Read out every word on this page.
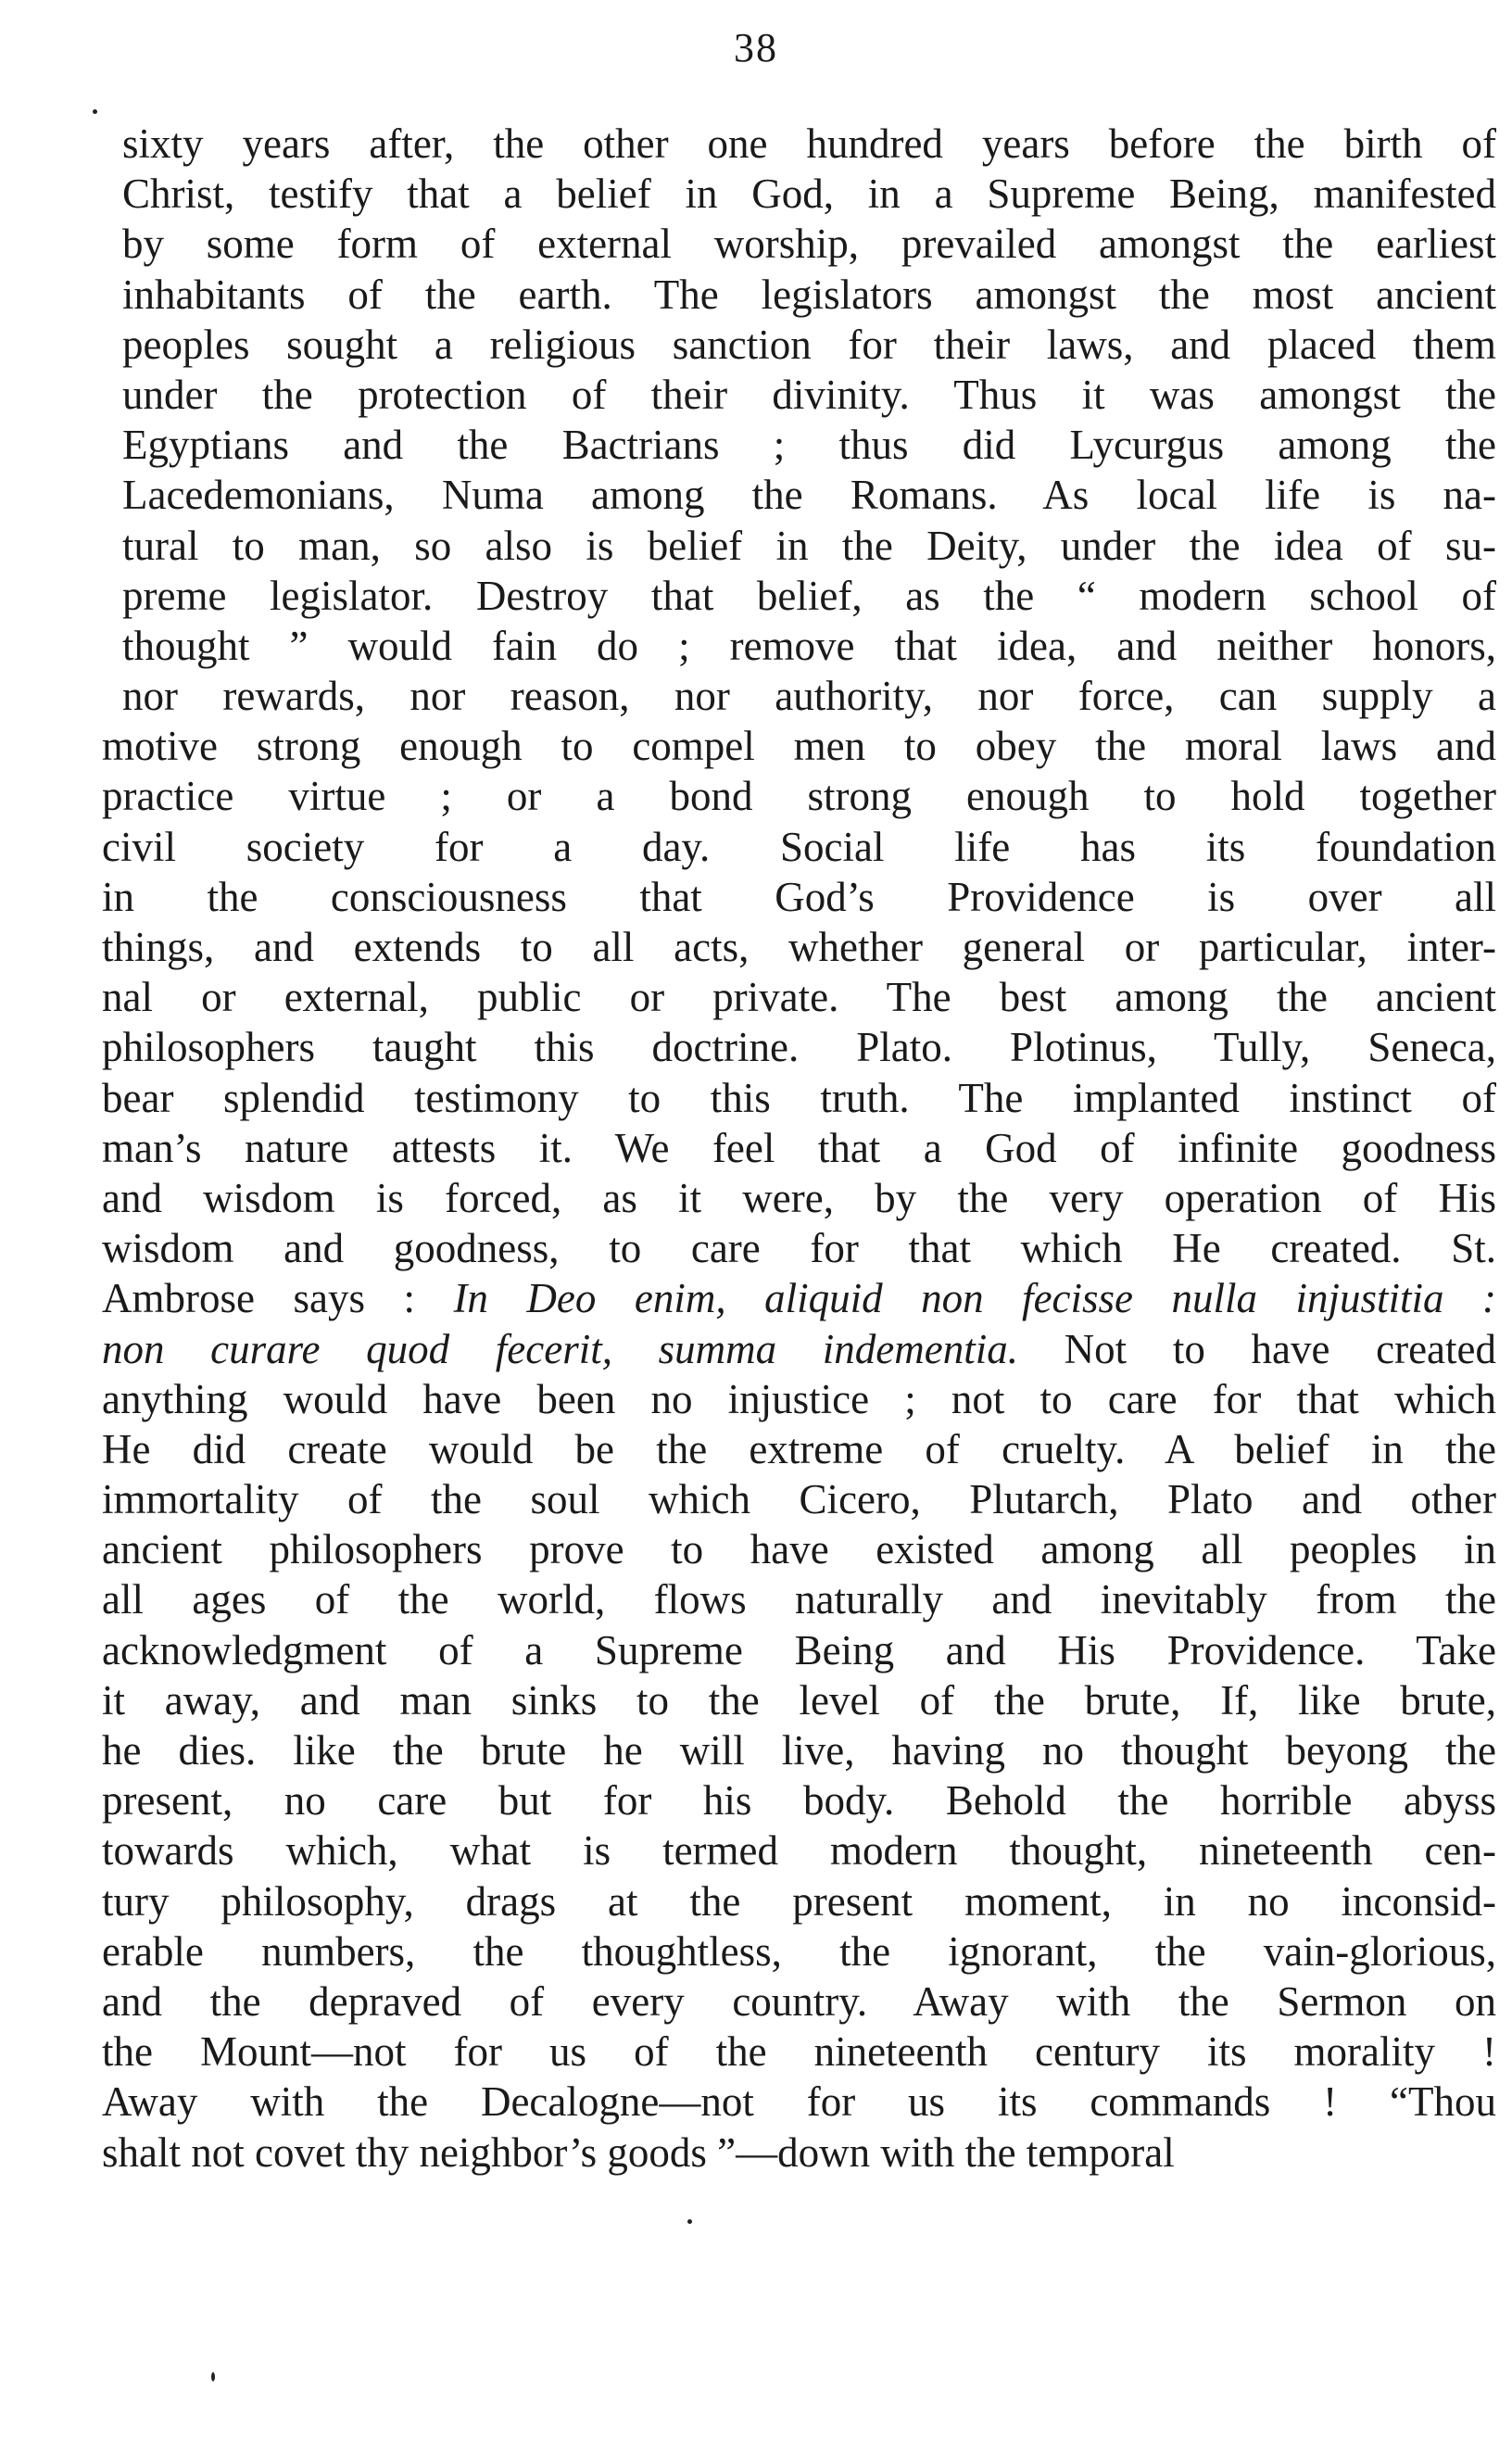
38
sixty years after, the other one hundred years before the birth of
Christ, testify that a belief in God, in a Supreme Being, manifested
by some form of external worship, prevailed amongst the earliest
inhabitants of the earth. The legislators amongst the most ancient
peoples sought a religious sanction for their laws, and placed them
under the protection of their divinity. Thus it was amongst the
Egyptians and the Bactrians ; thus did Lycurgus among the
Lacedemonians, Numa among the Romans. As local life is na-
tural to man, so also is belief in the Deity, under the idea of su-
preme legislator. Destroy that belief, as the “ modern school of
thought ” would fain do ; remove that idea, and neither honors,
nor rewards, nor reason, nor authority, nor force, can supply a
motive strong enough to compel men to obey the moral laws and
practice virtue ; or a bond strong enough to hold together
civil society for a day. Social life has its foundation
in the consciousness that God’s Providence is over all
things, and extends to all acts, whether general or particular, inter-
nal or external, public or private. The best among the ancient
philosophers taught this doctrine. Plato. Plotinus, Tully, Seneca,
bear splendid testimony to this truth. The implanted instinct of
man’s nature attests it. We feel that a God of infinite goodness
and wisdom is forced, as it were, by the very operation of His
wisdom and goodness, to care for that which He created. St.
Ambrose says : In Deo enim, aliquid non fecisse nulla injustitia :
non curare quod fecerit, summa indementia. Not to have created
anything would have been no injustice ; not to care for that which
He did create would be the extreme of cruelty. A belief in the
immortality of the soul which Cicero, Plutarch, Plato and other
ancient philosophers prove to have existed among all peoples in
all ages of the world, flows naturally and inevitably from the
acknowledgment of a Supreme Being and His Providence. Take
it away, and man sinks to the level of the brute, If, like brute,
he dies. like the brute he will live, having no thought beyong the
present, no care but for his body. Behold the horrible abyss
towards which, what is termed modern thought, nineteenth cen-
tury philosophy, drags at the present moment, in no inconsid-
erable numbers, the thoughtless, the ignorant, the vain-glorious,
and the depraved of every country. Away with the Sermon on
the Mount—not for us of the nineteenth century its morality !
Away with the Decalogne—not for us its commands ! “Thou
shalt not covet thy neighbor’s goods ”—down with the temporal
